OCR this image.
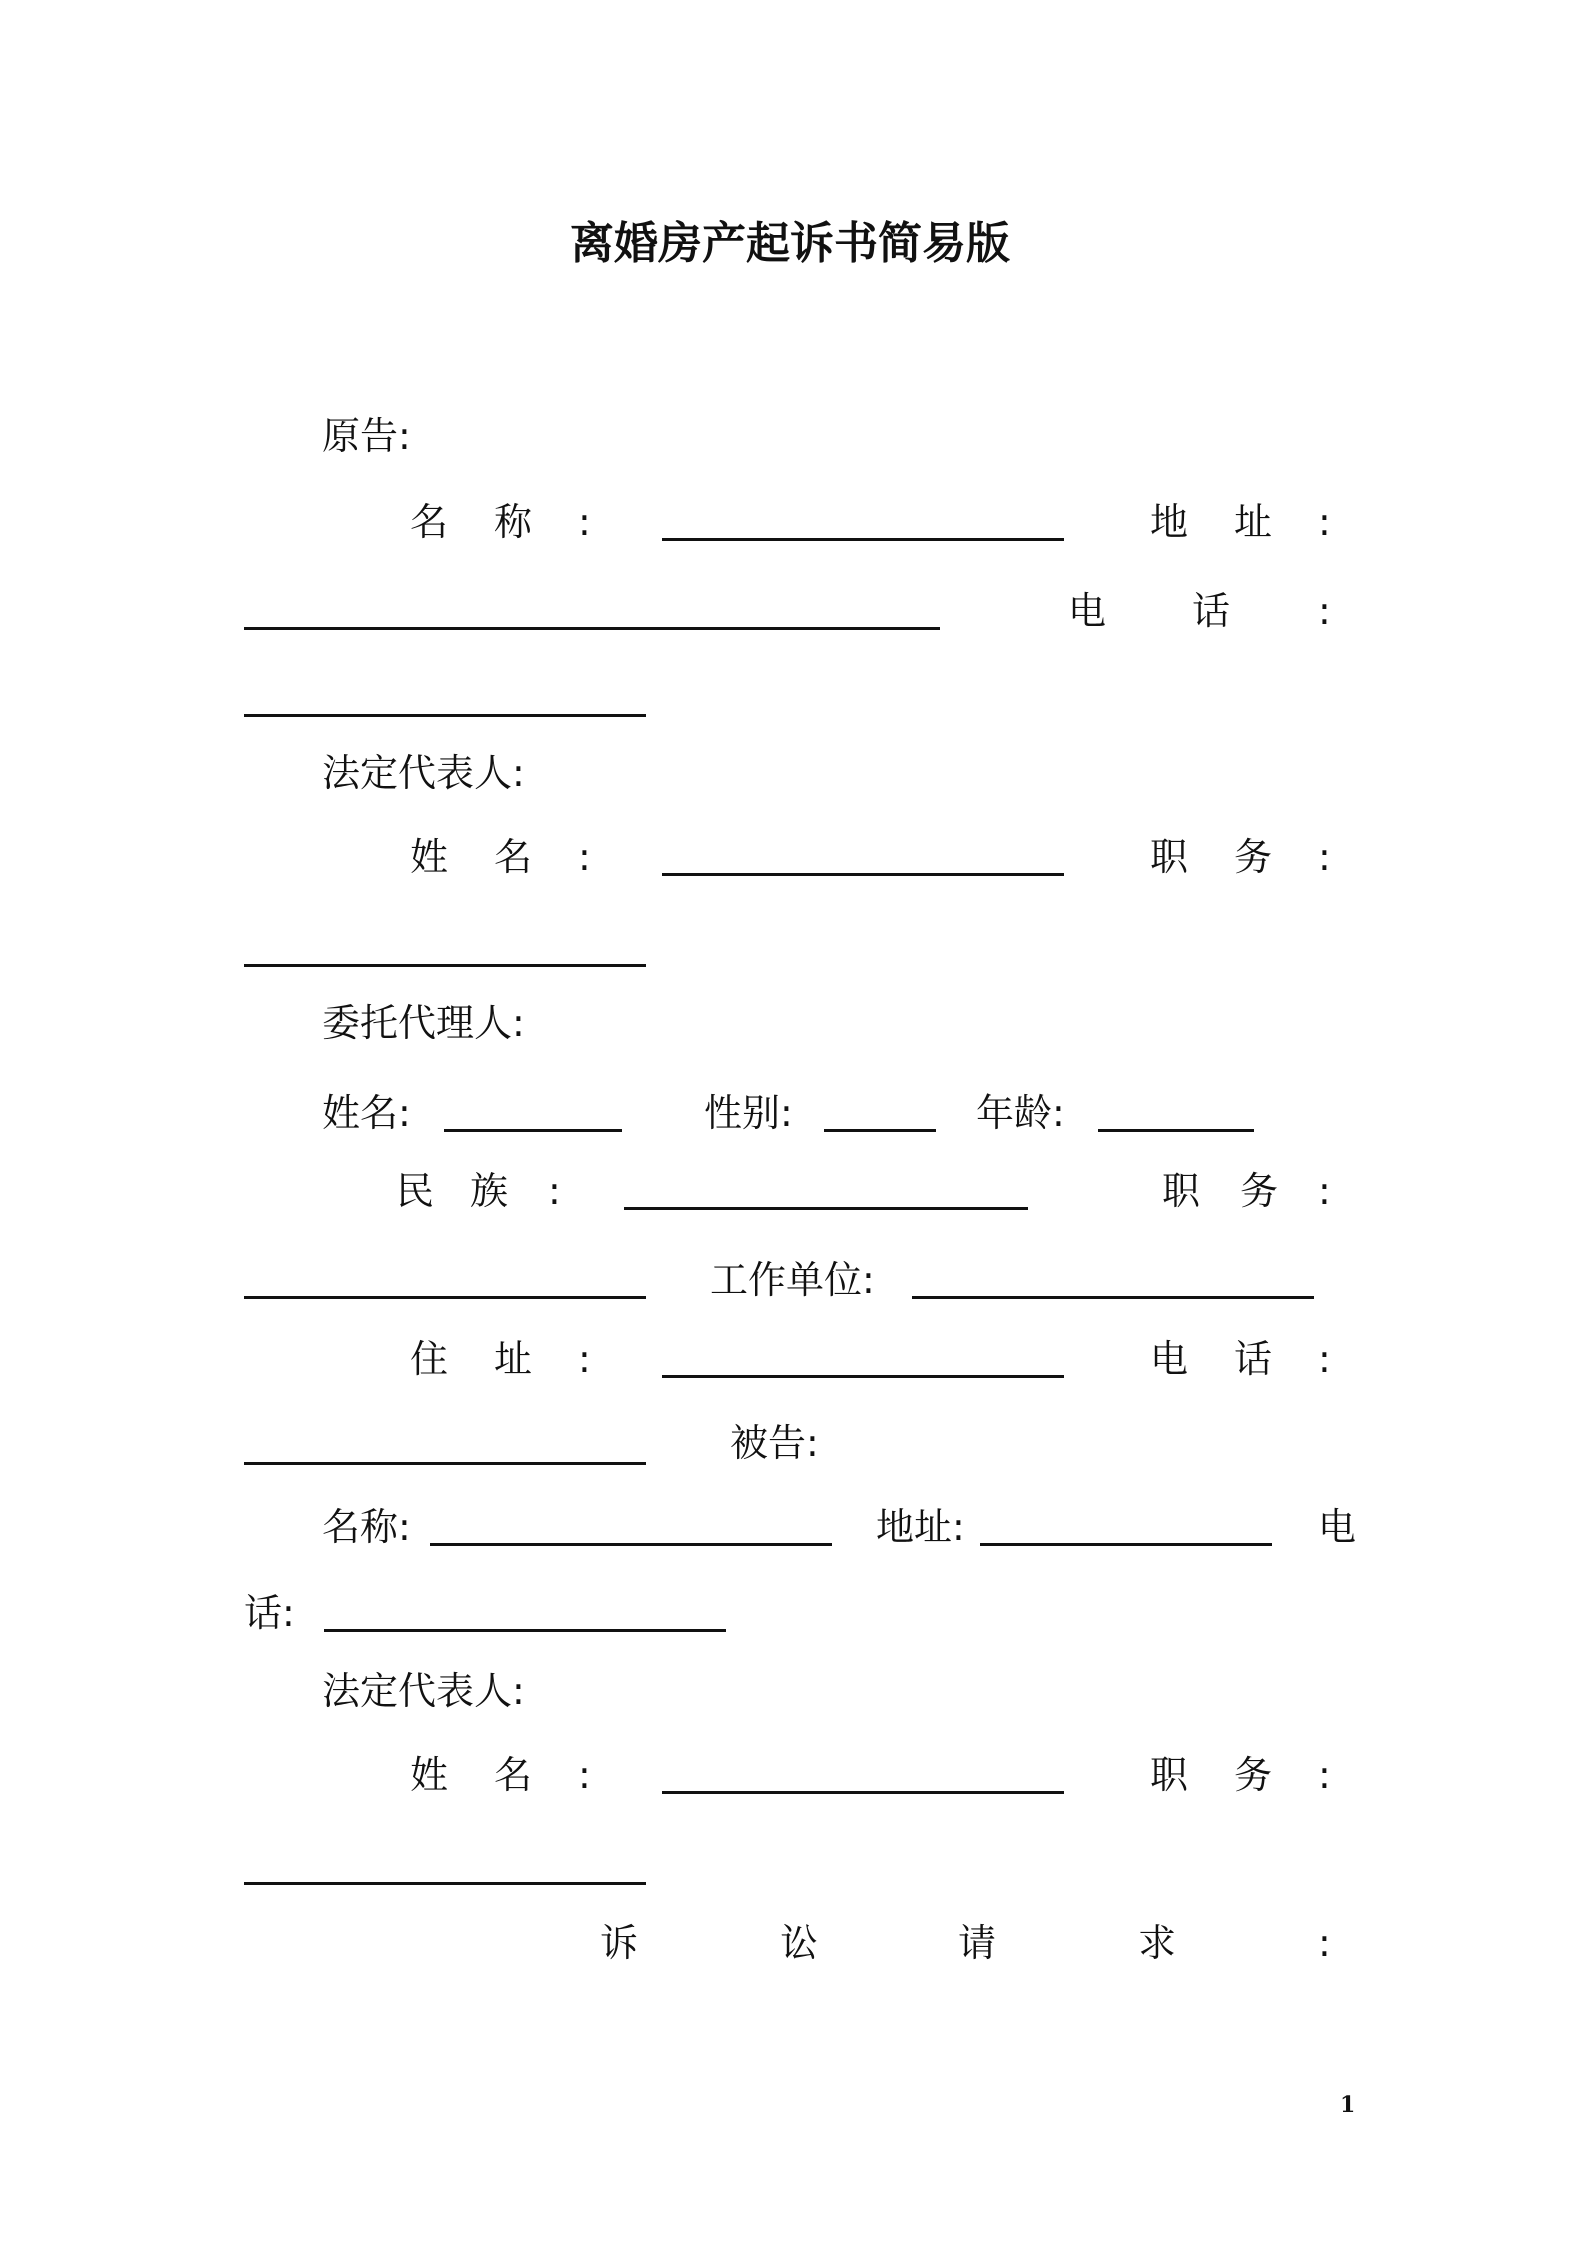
离婚房产起诉书简易版
原告:
名 称 :	地 址 :
电 话 :
法定代表人:
姓 名 :	职 务 :
委托代理人:
姓名:	性别:	年龄:
民 族 :	职 务 :
工作单位:
住 址 :	电 话 :
被告:
名称:	地址:	电
话:
法定代表人:
姓 名 :	职 务 :
诉	讼	请	求	:
1
